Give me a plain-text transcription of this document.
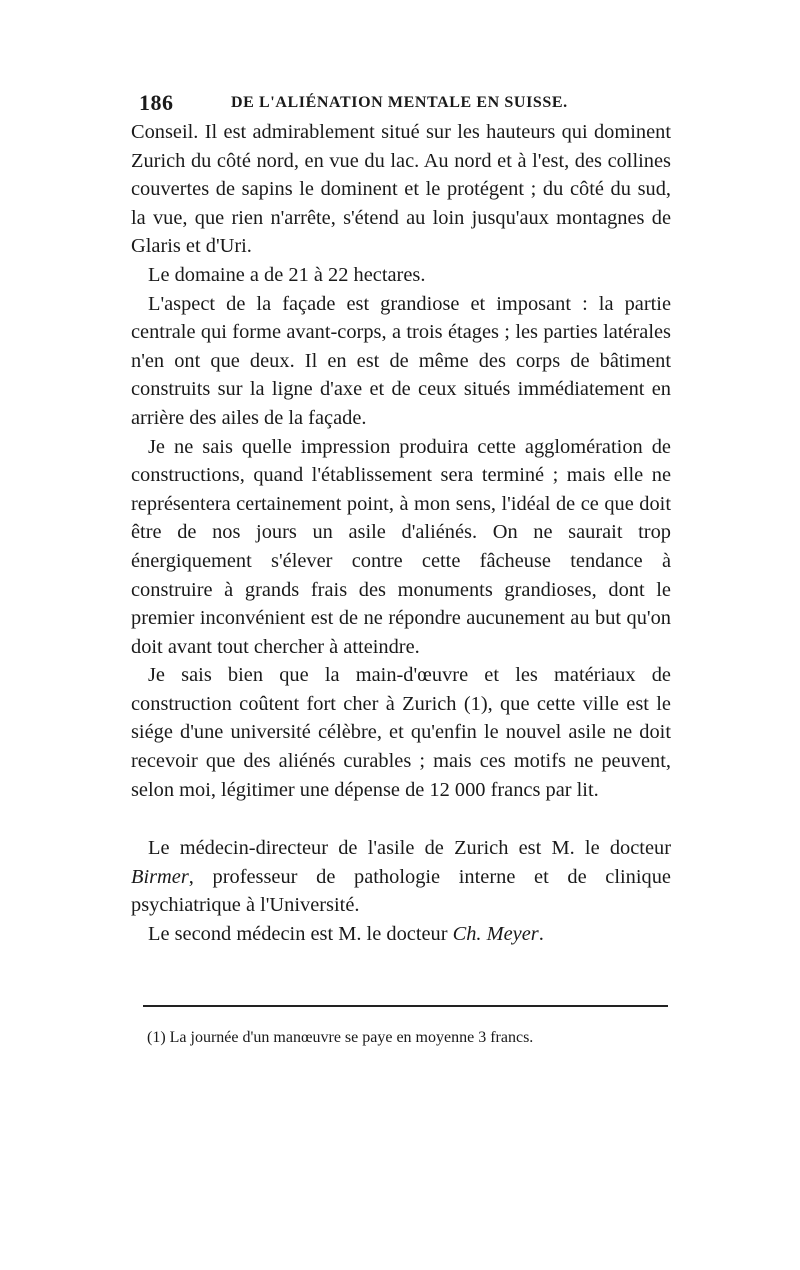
186	DE L'ALIÉNATION MENTALE EN SUISSE.

Conseil. Il est admirablement situé sur les hauteurs qui dominent Zurich du côté nord, en vue du lac. Au nord et à l'est, des collines couvertes de sapins le dominent et le protégent ; du côté du sud, la vue, que rien n'arrête, s'étend au loin jusqu'aux montagnes de Glaris et d'Uri.

Le domaine a de 21 à 22 hectares.

L'aspect de la façade est grandiose et imposant : la partie centrale qui forme avant-corps, a trois étages ; les parties latérales n'en ont que deux. Il en est de même des corps de bâtiment construits sur la ligne d'axe et de ceux situés immédiatement en arrière des ailes de la façade.

Je ne sais quelle impression produira cette agglomération de constructions, quand l'établissement sera terminé ; mais elle ne représentera certainement point, à mon sens, l'idéal de ce que doit être de nos jours un asile d'aliénés. On ne saurait trop énergiquement s'élever contre cette fâcheuse tendance à construire à grands frais des monuments grandioses, dont le premier inconvénient est de ne répondre aucunement au but qu'on doit avant tout chercher à atteindre.

Je sais bien que la main-d'œuvre et les matériaux de construction coûtent fort cher à Zurich (1), que cette ville est le siége d'une université célèbre, et qu'enfin le nouvel asile ne doit recevoir que des aliénés curables ; mais ces motifs ne peuvent, selon moi, légitimer une dépense de 12 000 francs par lit.

Le médecin-directeur de l'asile de Zurich est M. le docteur Birmer, professeur de pathologie interne et de clinique psychiatrique à l'Université.

Le second médecin est M. le docteur Ch. Meyer.

(1) La journée d'un manœuvre se paye en moyenne 3 francs.
